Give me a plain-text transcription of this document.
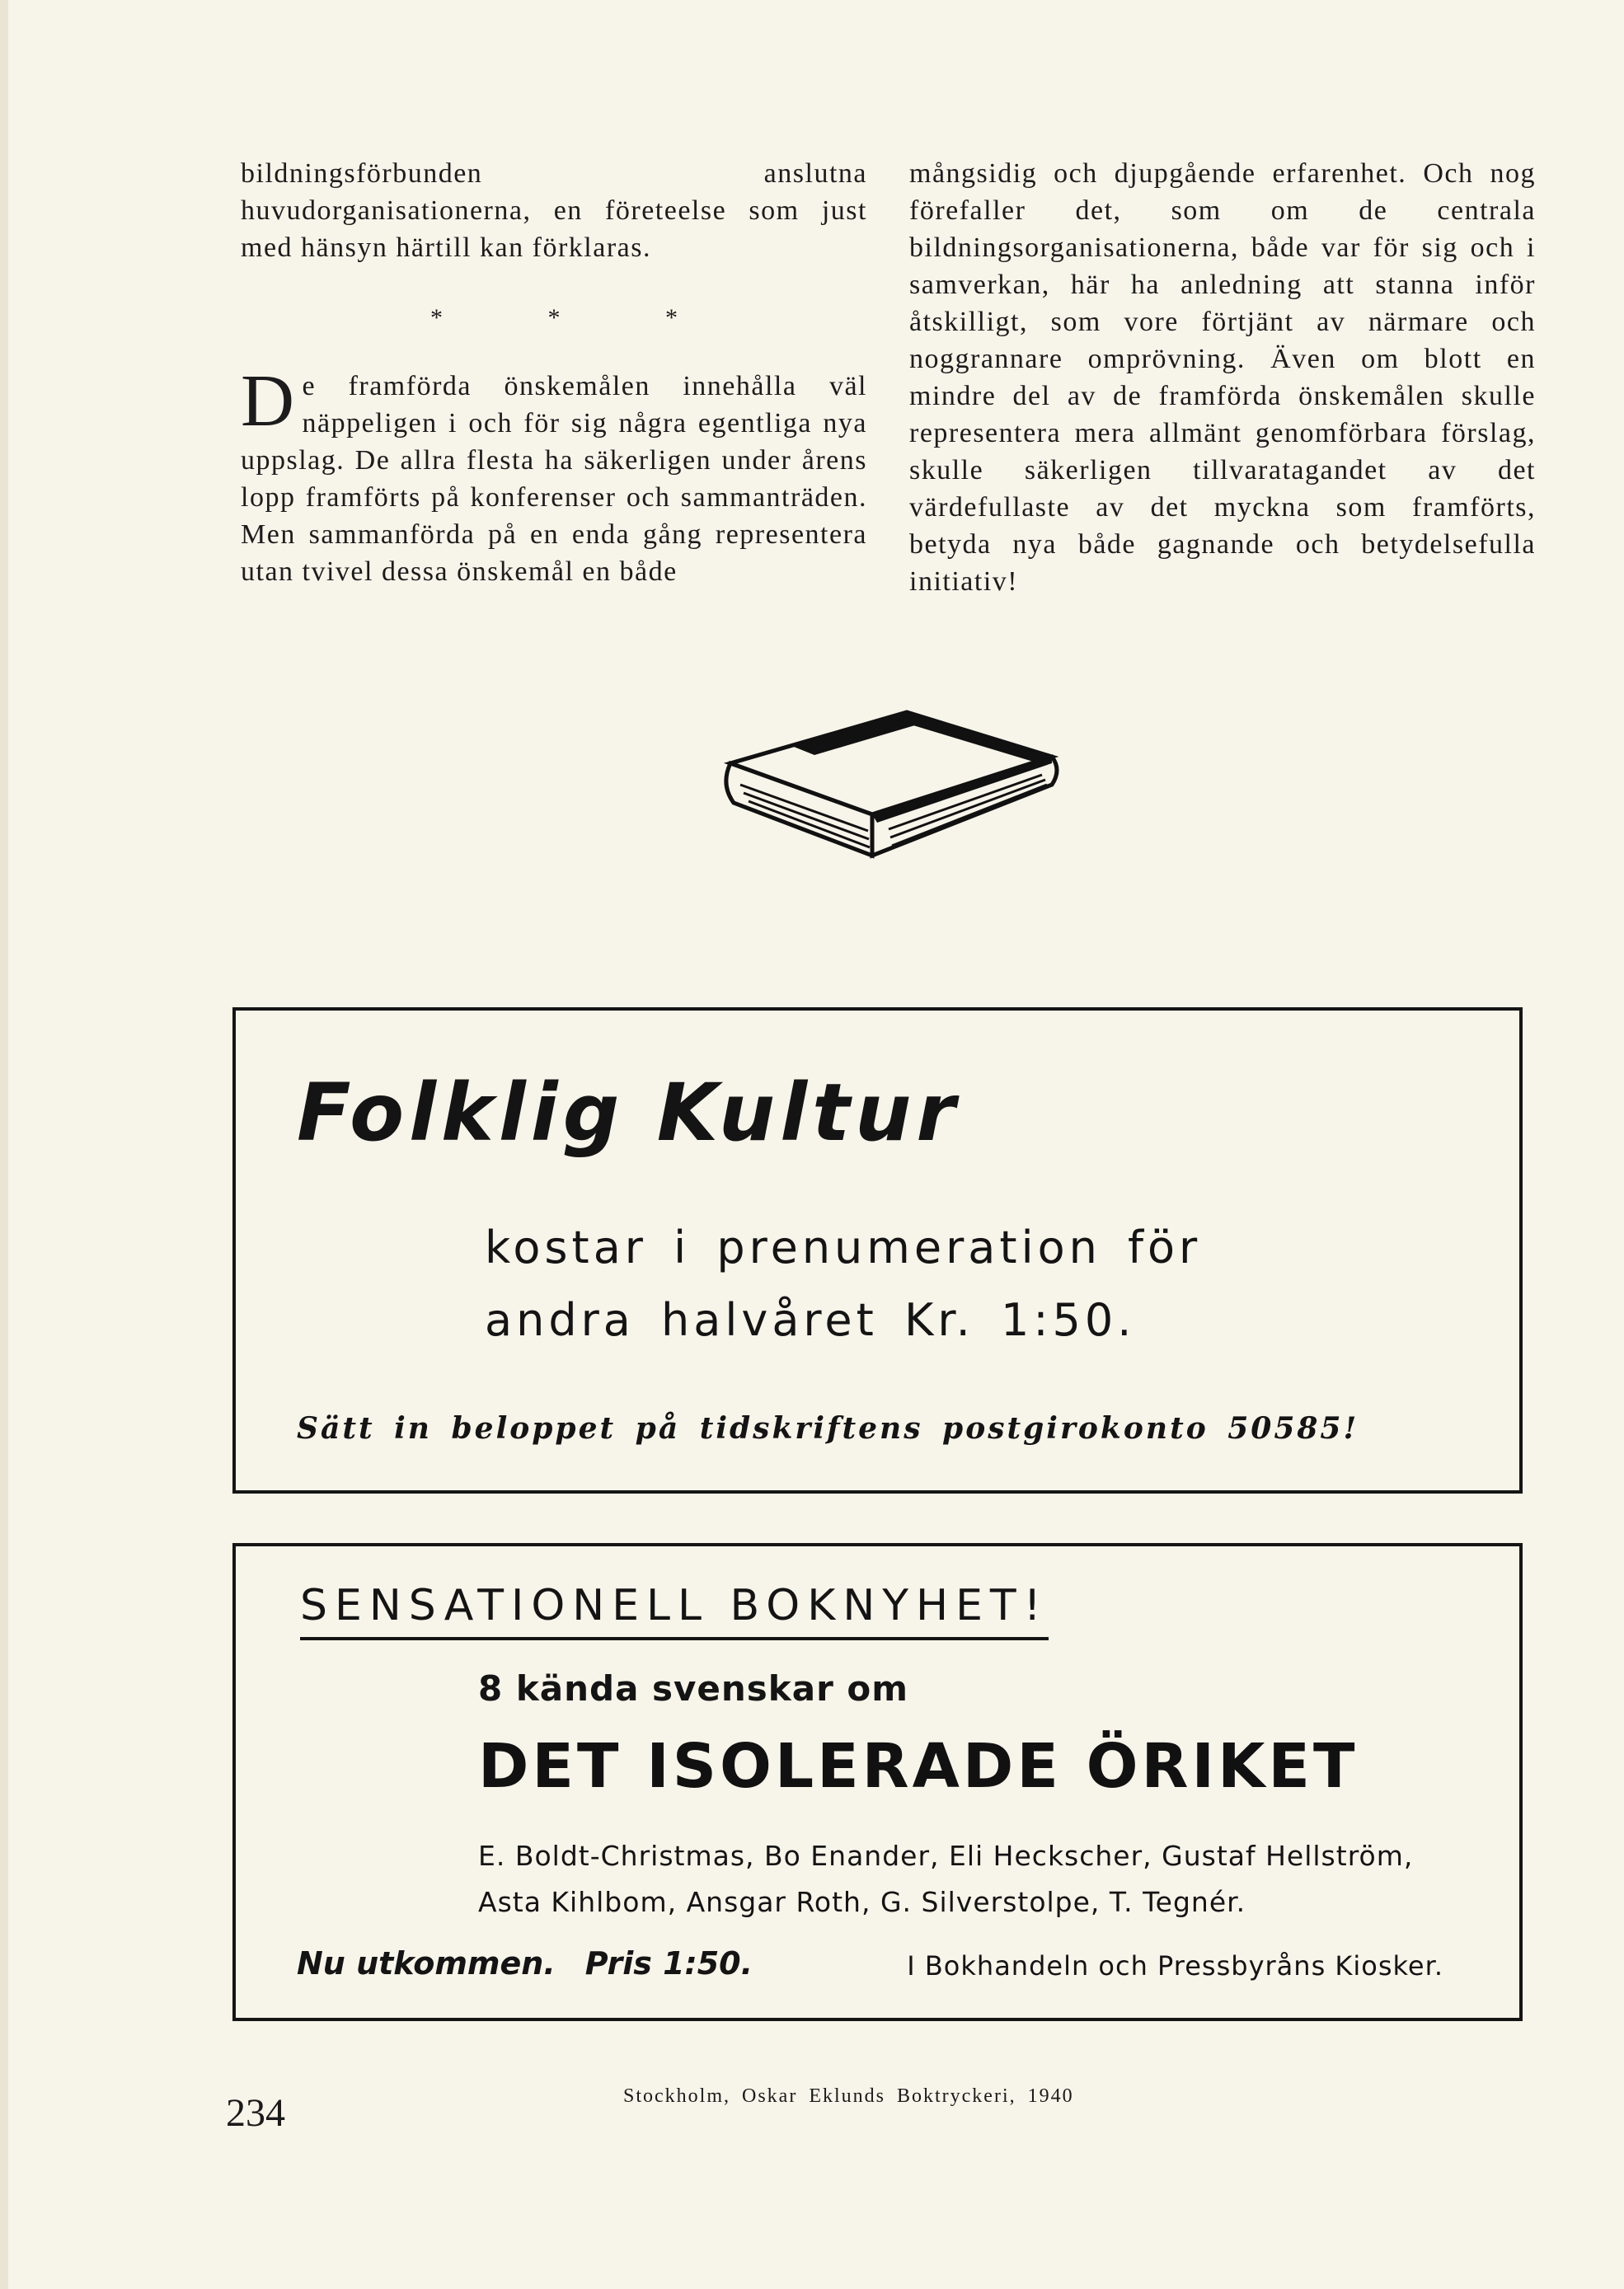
bildningsförbunden anslutna huvudorganisationerna, en företeelse som just med hänsyn härtill kan förklaras.

* * *

De framförda önskemålen innehålla väl näppeligen i och för sig några egentliga nya uppslag. De allra flesta ha säkerligen under årens lopp framförts på konferenser och sammanträden. Men sammanförda på en enda gång representera utan tvivel dessa önskemål en både

mångsidig och djupgående erfarenhet. Och nog förefaller det, som om de centrala bildningsorganisationerna, både var för sig och i samverkan, här ha anledning att stanna inför åtskilligt, som vore förtjänt av närmare och noggrannare omprövning. Även om blott en mindre del av de framförda önskemålen skulle representera mera allmänt genomförbara förslag, skulle säkerligen tillvaratagandet av det värdefullaste av det myckna som framförts, betyda nya både gagnande och betydelsefulla initiativ!

Folklig Kultur
kostar i prenumeration för
andra halvåret Kr. 1:50.
Sätt in beloppet på tidskriftens postgirokonto 50585!
SENSATIONELL BOKNYHET!
8 kända svenskar om
DET ISOLERADE ÖRIKET
E. Boldt-Christmas, Bo Enander, Eli Heckscher, Gustaf Hellström, Asta Kihlbom, Ansgar Roth, G. Silverstolpe, T. Tegnér.
Nu utkommen. Pris 1:50.	I Bokhandeln och Pressbyråns Kiosker.
234	Stockholm, Oskar Eklunds Boktryckeri, 1940
